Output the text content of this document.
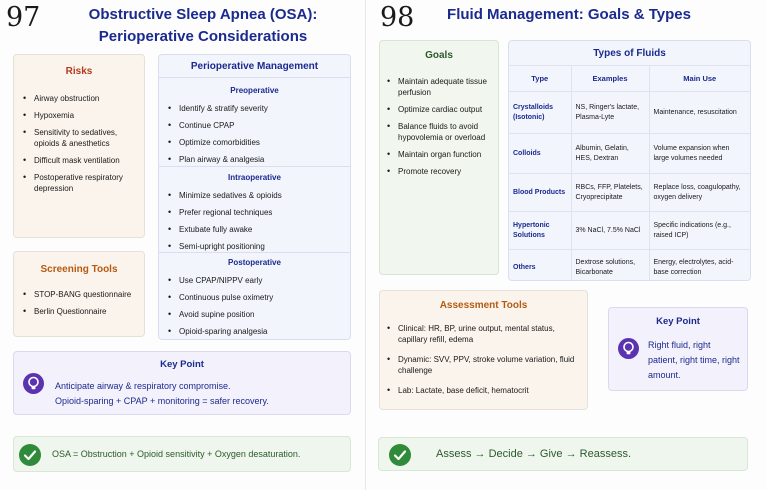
97	Obstructive Sleep Apnea (OSA):
Perioperative Considerations
Risks
• Airway obstruction
• Hypoxemia
• Sensitivity to sedatives, opioids & anesthetics
• Difficult mask ventilation
• Postoperative respiratory depression
Screening Tools
• STOP-BANG questionnaire
• Berlin Questionnaire
Perioperative Management
Preoperative
• Identify & stratify severity
• Continue CPAP
• Optimize comorbidities
• Plan airway & analgesia
Intraoperative
• Minimize sedatives & opioids
• Prefer regional techniques
• Extubate fully awake
• Semi-upright positioning
Postoperative
• Use CPAP/NIPPV early
• Continuous pulse oximetry
• Avoid supine position
• Opioid-sparing analgesia
Key Point
Anticipate airway & respiratory compromise.
Opioid-sparing + CPAP + monitoring = safer recovery.
OSA = Obstruction + Opioid sensitivity + Oxygen desaturation.
98	Fluid Management: Goals & Types
Goals
• Maintain adequate tissue perfusion
• Optimize cardiac output
• Balance fluids to avoid hypovolemia or overload
• Maintain organ function
• Promote recovery
Types of Fluids
Type	Examples	Main Use
Crystalloids (Isotonic)	NS, Ringer's lactate, Plasma-Lyte	Maintenance, resuscitation
Colloids	Albumin, Gelatin, HES, Dextran	Volume expansion when large volumes needed
Blood Products	RBCs, FFP, Platelets, Cryoprecipitate	Replace loss, coagulopathy, oxygen delivery
Hypertonic Solutions	3% NaCl, 7.5% NaCl	Specific indications (e.g., raised ICP)
Others	Dextrose solutions, Bicarbonate	Energy, electrolytes, acid-base correction
Assessment Tools
• Clinical: HR, BP, urine output, mental status, capillary refill, edema
• Dynamic: SVV, PPV, stroke volume variation, fluid challenge
• Lab: Lactate, base deficit, hematocrit
Key Point
Right fluid, right patient, right time, right amount.
Assess → Decide → Give → Reassess.
